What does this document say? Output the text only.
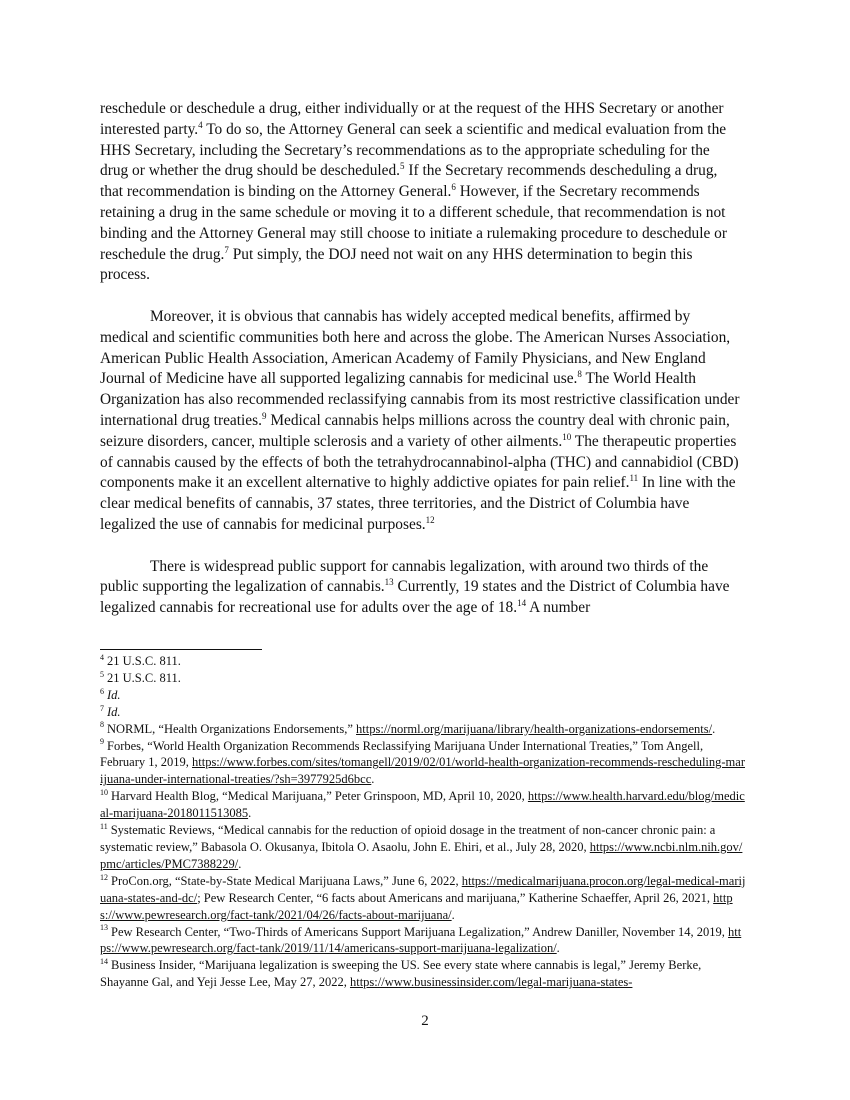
reschedule or deschedule a drug, either individually or at the request of the HHS Secretary or another interested party.$^4$ To do so, the Attorney General can seek a scientific and medical evaluation from the HHS Secretary, including the Secretary’s recommendations as to the appropriate scheduling for the drug or whether the drug should be descheduled.$^5$ If the Secretary recommends descheduling a drug, that recommendation is binding on the Attorney General.$^6$ However, if the Secretary recommends retaining a drug in the same schedule or moving it to a different schedule, that recommendation is not binding and the Attorney General may still choose to initiate a rulemaking procedure to deschedule or reschedule the drug.$^7$ Put simply, the DOJ need not wait on any HHS determination to begin this process.

Moreover, it is obvious that cannabis has widely accepted medical benefits, affirmed by medical and scientific communities both here and across the globe. The American Nurses Association, American Public Health Association, American Academy of Family Physicians, and New England Journal of Medicine have all supported legalizing cannabis for medicinal use.$^8$ The World Health Organization has also recommended reclassifying cannabis from its most restrictive classification under international drug treaties.$^9$ Medical cannabis helps millions across the country deal with chronic pain, seizure disorders, cancer, multiple sclerosis and a variety of other ailments.$^{10}$ The therapeutic properties of cannabis caused by the effects of both the tetrahydrocannabinol-alpha (THC) and cannabidiol (CBD) components make it an excellent alternative to highly addictive opiates for pain relief.$^{11}$ In line with the clear medical benefits of cannabis, 37 states, three territories, and the District of Columbia have legalized the use of cannabis for medicinal purposes.$^{12}$

There is widespread public support for cannabis legalization, with around two thirds of the public supporting the legalization of cannabis.$^{13}$ Currently, 19 states and the District of Columbia have legalized cannabis for recreational use for adults over the age of 18.14 A number

$^4$ 21 U.S.C. 811.

$^5$ 21 U.S.C. 811.

$^6$ Id.

$^7$ Id.

$^8$ NORML, “Health Organizations Endorsements,” https://norml.org/marijuana/library/health-organizations-endorsements/.

$^9$ Forbes, “World Health Organization Recommends Reclassifying Marijuana Under International Treaties,” Tom Angell, February 1, 2019, https://www.forbes.com/sites/tomangell/2019/02/01/world-health-organization-recommends-rescheduling-marijuana-under-international-treaties/?sh=3977925d6bcc.

$^{10}$ Harvard Health Blog, “Medical Marijuana,” Peter Grinspoon, MD, April 10, 2020, https://www.health.harvard.edu/blog/medical-marijuana-2018011513085.

$^{11}$ Systematic Reviews, “Medical cannabis for the reduction of opioid dosage in the treatment of non-cancer chronic pain: a systematic review,” Babasola O. Okusanya, Ibitola O. Asaolu, John E. Ehiri, et al., July 28, 2020, https://www.ncbi.nlm.nih.gov/pmc/articles/PMC7388229/.

$^{12}$ ProCon.org, “State-by-State Medical Marijuana Laws,” June 6, 2022, https://medicalmarijuana.procon.org/legal-medical-marijuana-states-and-dc/; Pew Research Center, “6 facts about Americans and marijuana,” Katherine Schaeffer, April 26, 2021, https://www.pewresearch.org/fact-tank/2021/04/26/facts-about-marijuana/.

$^{13}$ Pew Research Center, “Two-Thirds of Americans Support Marijuana Legalization,” Andrew Daniller, November 14, 2019, https://www.pewresearch.org/fact-tank/2019/11/14/americans-support-marijuana-legalization/.

$^{14}$ Business Insider, “Marijuana legalization is sweeping the US. See every state where cannabis is legal,” Jeremy Berke, Shayanne Gal, and Yeji Jesse Lee, May 27, 2022, https://www.businessinsider.com/legal-marijuana-states-

2
